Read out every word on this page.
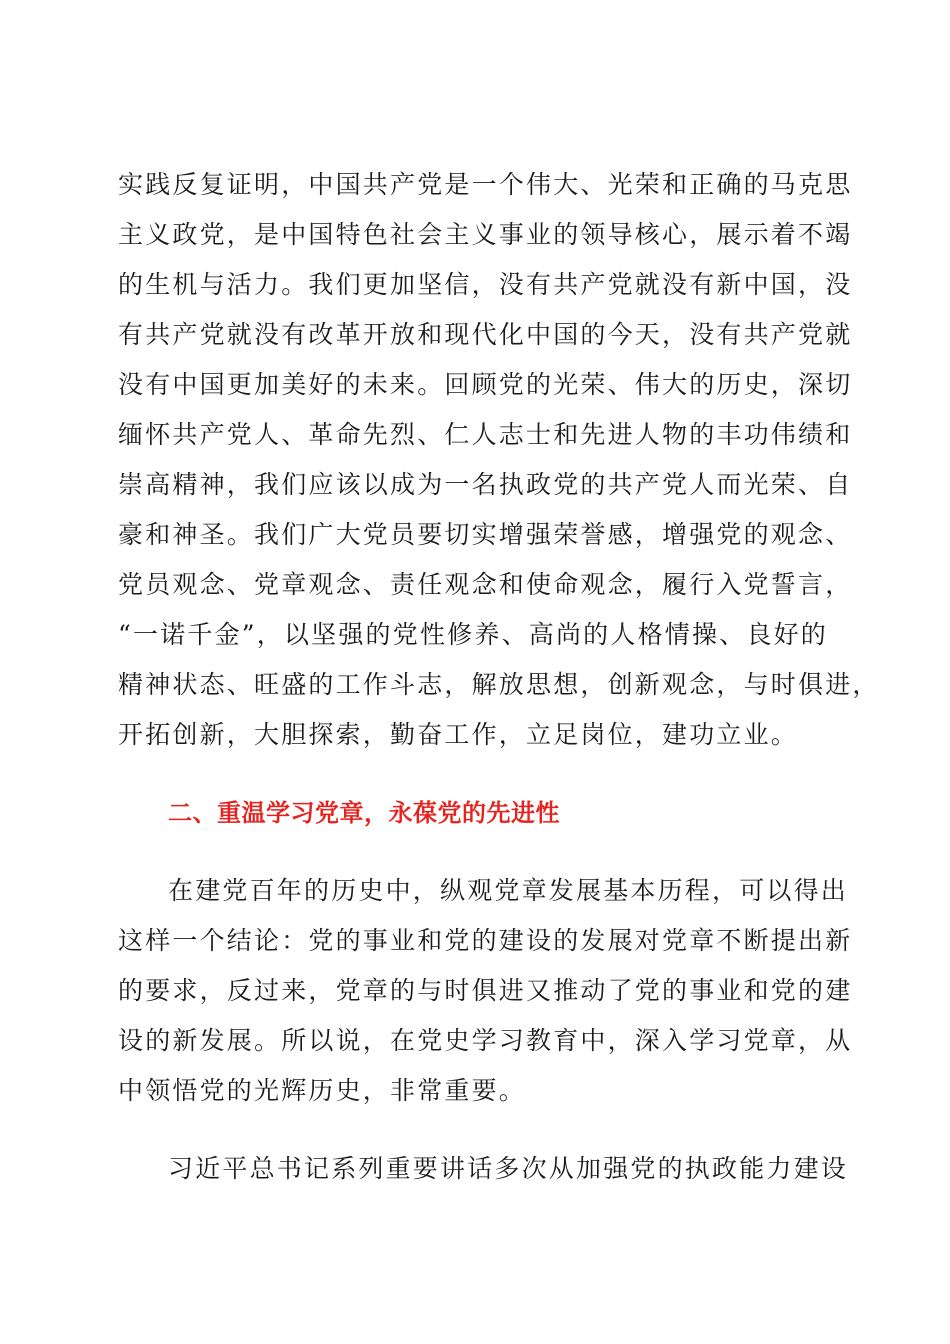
实践反复证明，中国共产党是一个伟大、光荣和正确的马克思
主义政党，是中国特色社会主义事业的领导核心，展示着不竭
的生机与活力。我们更加坚信，没有共产党就没有新中国，没
有共产党就没有改革开放和现代化中国的今天，没有共产党就
没有中国更加美好的未来。回顾党的光荣、伟大的历史，深切
缅怀共产党人、革命先烈、仁人志士和先进人物的丰功伟绩和
崇高精神，我们应该以成为一名执政党的共产党人而光荣、自
豪和神圣。我们广大党员要切实增强荣誉感，增强党的观念、
党员观念、党章观念、责任观念和使命观念，履行入党誓言，
“一诺千金”，以坚强的党性修养、高尚的人格情操、良好的
精神状态、旺盛的工作斗志，解放思想，创新观念，与时俱进，
开拓创新，大胆探索，勤奋工作，立足岗位，建功立业。
二、重温学习党章，永葆党的先进性
在建党百年的历史中，纵观党章发展基本历程，可以得出
这样一个结论：党的事业和党的建设的发展对党章不断提出新
的要求，反过来，党章的与时俱进又推动了党的事业和党的建
设的新发展。所以说，在党史学习教育中，深入学习党章，从
中领悟党的光辉历史，非常重要。
习近平总书记系列重要讲话多次从加强党的执政能力建设
